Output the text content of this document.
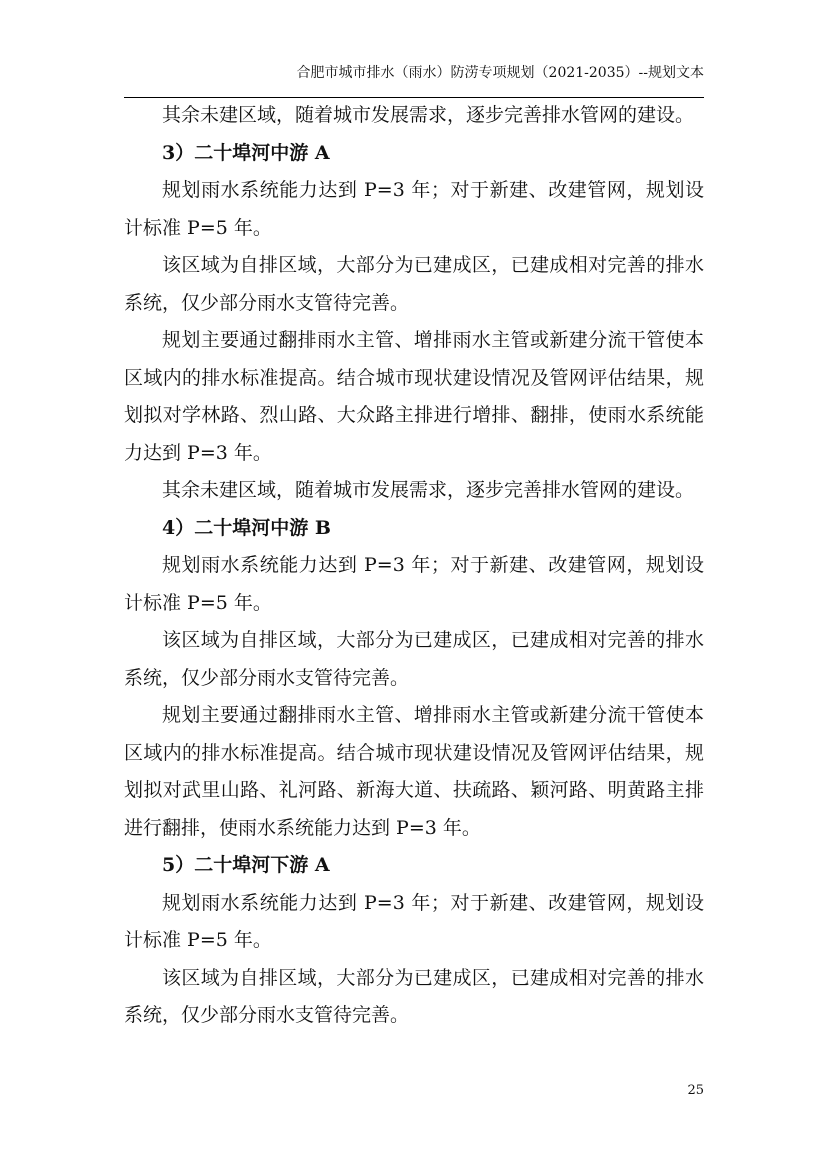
合肥市城市排水（雨水）防涝专项规划（2021-2035）--规划文本

其余未建区域，随着城市发展需求，逐步完善排水管网的建设。

3）二十埠河中游 A

规划雨水系统能力达到 P=3 年；对于新建、改建管网，规划设计标准 P=5 年。

该区域为自排区域，大部分为已建成区，已建成相对完善的排水系统，仅少部分雨水支管待完善。

规划主要通过翻排雨水主管、增排雨水主管或新建分流干管使本区域内的排水标准提高。结合城市现状建设情况及管网评估结果，规划拟对学林路、烈山路、大众路主排进行增排、翻排，使雨水系统能力达到 P=3 年。

其余未建区域，随着城市发展需求，逐步完善排水管网的建设。

4）二十埠河中游 B

规划雨水系统能力达到 P=3 年；对于新建、改建管网，规划设计标准 P=5 年。

该区域为自排区域，大部分为已建成区，已建成相对完善的排水系统，仅少部分雨水支管待完善。

规划主要通过翻排雨水主管、增排雨水主管或新建分流干管使本区域内的排水标准提高。结合城市现状建设情况及管网评估结果，规划拟对武里山路、礼河路、新海大道、扶疏路、颖河路、明黄路主排进行翻排，使雨水系统能力达到 P=3 年。

5）二十埠河下游 A

规划雨水系统能力达到 P=3 年；对于新建、改建管网，规划设计标准 P=5 年。

该区域为自排区域，大部分为已建成区，已建成相对完善的排水系统，仅少部分雨水支管待完善。

25
